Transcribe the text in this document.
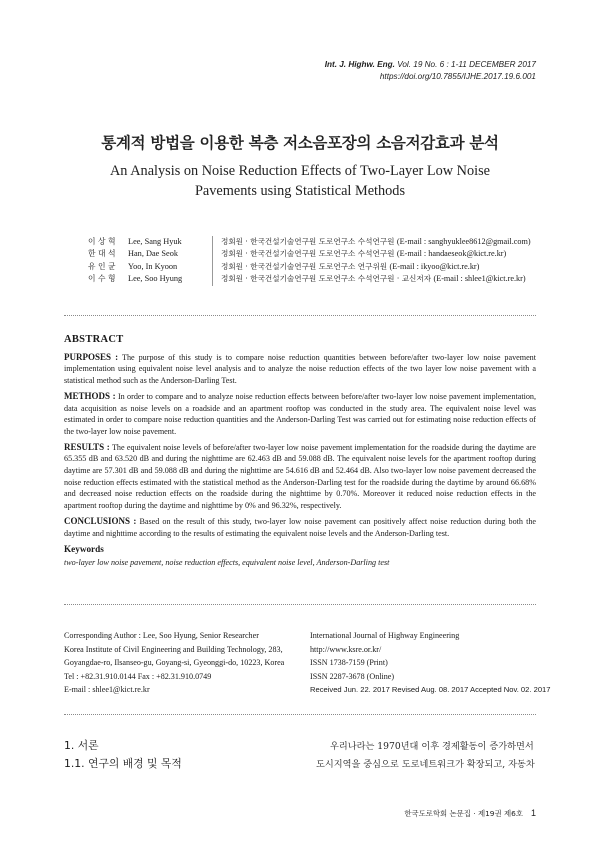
Int. J. Highw. Eng. Vol. 19 No. 6 : 1-11 DECEMBER 2017
https://doi.org/10.7855/IJHE.2017.19.6.001
통계적 방법을 이용한 복층 저소음포장의 소음저감효과 분석
An Analysis on Noise Reduction Effects of Two-Layer Low Noise Pavements using Statistical Methods
이 상 혁	Lee, Sang Hyuk	정회원 · 한국건설기술연구원 도로연구소 수석연구원 (E-mail : sanghyuklee8612@gmail.com)
한 대 석	Han, Dae Seok	정회원 · 한국건설기술연구원 도로연구소 수석연구원 (E-mail : handaeseok@kict.re.kr)
유 인 균	Yoo, In Kyoon	정회원 · 한국건설기술연구원 도로연구소 연구위원 (E-mail : ikyoo@kict.re.kr)
이 수 형	Lee, Soo Hyung	정회원 · 한국건설기술연구원 도로연구소 수석연구원 · 교신저자 (E-mail : shlee1@kict.re.kr)
ABSTRACT

PURPOSES : The purpose of this study is to compare noise reduction quantities between before/after two-layer low noise pavement implementation using equivalent noise level analysis and to analyze the noise reduction effects of the two layer low noise pavement with a statistical method such as the Anderson-Darling Test.

METHODS : In order to compare and to analyze noise reduction effects between before/after two-layer low noise pavement implementation, data acquisition as noise levels on a roadside and an apartment rooftop was conducted in the study area. The equivalent noise level was estimated in order to compare noise reduction quantities and the Anderson-Darling Test was carried out for estimating noise reduction effects of the two-layer low noise pavement.

RESULTS : The equivalent noise levels of before/after two-layer low noise pavement implementation for the roadside during the daytime are 65.355 dB and 63.520 dB and during the nighttime are 62.463 dB and 59.088 dB. The equivalent noise levels for the apartment rooftop during daytime are 57.301 dB and 59.088 dB and during the nighttime are 54.616 dB and 52.464 dB. Also two-layer low noise pavement decreased the noise reduction effects estimated with the statistical method as the Anderson-Darling test for the roadside during the daytime by around 66.68% and decreased noise reduction effects on the roadside during the nighttime by 0.70%. Moreover it reduced noise reduction effects in the apartment rooftop during the daytime and nighttime by 0% and 96.32%, respectively.

CONCLUSIONS : Based on the result of this study, two-layer low noise pavement can positively affect noise reduction during both the daytime and nighttime according to the results of estimating the equivalent noise levels and the Anderson-Darling test.

Keywords

two-layer low noise pavement, noise reduction effects, equivalent noise level, Anderson-Darling test

Corresponding Author : Lee, Soo Hyung, Senior Researcher
Korea Institute of Civil Engineering and Building Technology, 283,
Goyangdae-ro, Ilsanseo-gu, Goyang-si, Gyeonggi-do, 10223, Korea
Tel : +82.31.910.0144 Fax : +82.31.910.0749
E-mail : shlee1@kict.re.kr
International Journal of Highway Engineering
http://www.ksre.or.kr/
ISSN 1738-7159 (Print)
ISSN 2287-3678 (Online)
Received Jun. 22. 2017 Revised Aug. 08. 2017 Accepted Nov. 02. 2017
1. 서론
1.1. 연구의 배경 및 목적
우리나라는 1970년대 이후 경제활동이 증가하면서
도시지역을 중심으로 도로네트워크가 확장되고, 자동차
한국도로학회 논문집 · 제19권 제6호 1
